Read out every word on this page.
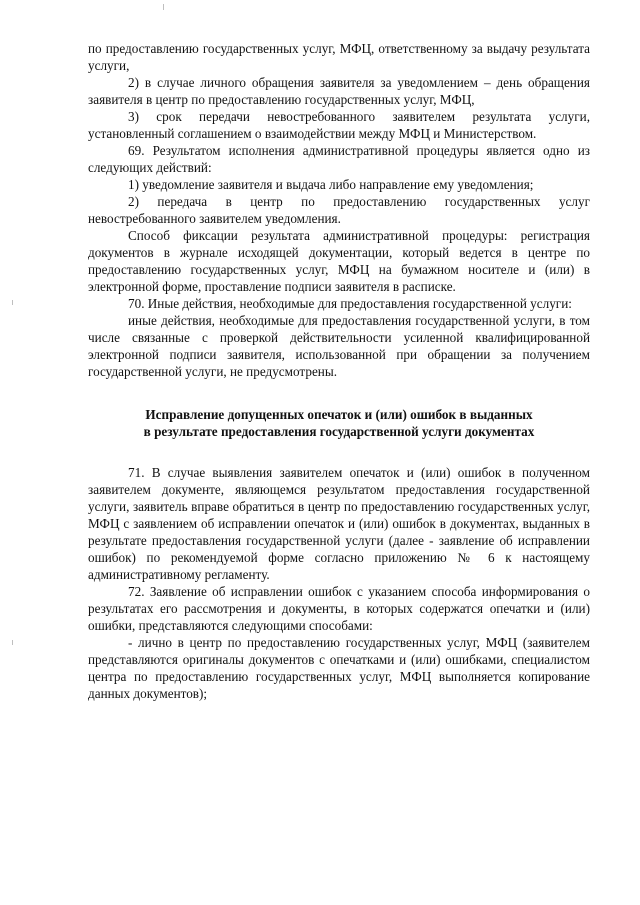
по предоставлению государственных услуг, МФЦ, ответственному за выдачу результата услуги,

2) в случае личного обращения заявителя за уведомлением – день обращения заявителя в центр по предоставлению государственных услуг, МФЦ,

3) срок передачи невостребованного заявителем результата услуги, установленный соглашением о взаимодействии между МФЦ и Министерством.

69. Результатом исполнения административной процедуры является одно из следующих действий:

1) уведомление заявителя и выдача либо направление ему уведомления;

2) передача в центр по предоставлению государственных услуг невостребованного заявителем уведомления.

Способ фиксации результата административной процедуры: регистрация документов в журнале исходящей документации, который ведется в центре по предоставлению государственных услуг, МФЦ на бумажном носителе и (или) в электронной форме, проставление подписи заявителя в расписке.

70. Иные действия, необходимые для предоставления государственной услуги:

иные действия, необходимые для предоставления государственной услуги, в том числе связанные с проверкой действительности усиленной квалифицированной электронной подписи заявителя, использованной при обращении за получением государственной услуги, не предусмотрены.

Исправление допущенных опечаток и (или) ошибок в выданных
в результате предоставления государственной услуги документах

71. В случае выявления заявителем опечаток и (или) ошибок в полученном заявителем документе, являющемся результатом предоставления государственной услуги, заявитель вправе обратиться в центр по предоставлению государственных услуг, МФЦ с заявлением об исправлении опечаток и (или) ошибок в документах, выданных в результате предоставления государственной услуги (далее - заявление об исправлении ошибок) по рекомендуемой форме согласно приложению № 6 к настоящему административному регламенту.

72. Заявление об исправлении ошибок с указанием способа информирования о результатах его рассмотрения и документы, в которых содержатся опечатки и (или) ошибки, представляются следующими способами:

- лично в центр по предоставлению государственных услуг, МФЦ (заявителем представляются оригиналы документов с опечатками и (или) ошибками, специалистом центра по предоставлению государственных услуг, МФЦ выполняется копирование данных документов);
